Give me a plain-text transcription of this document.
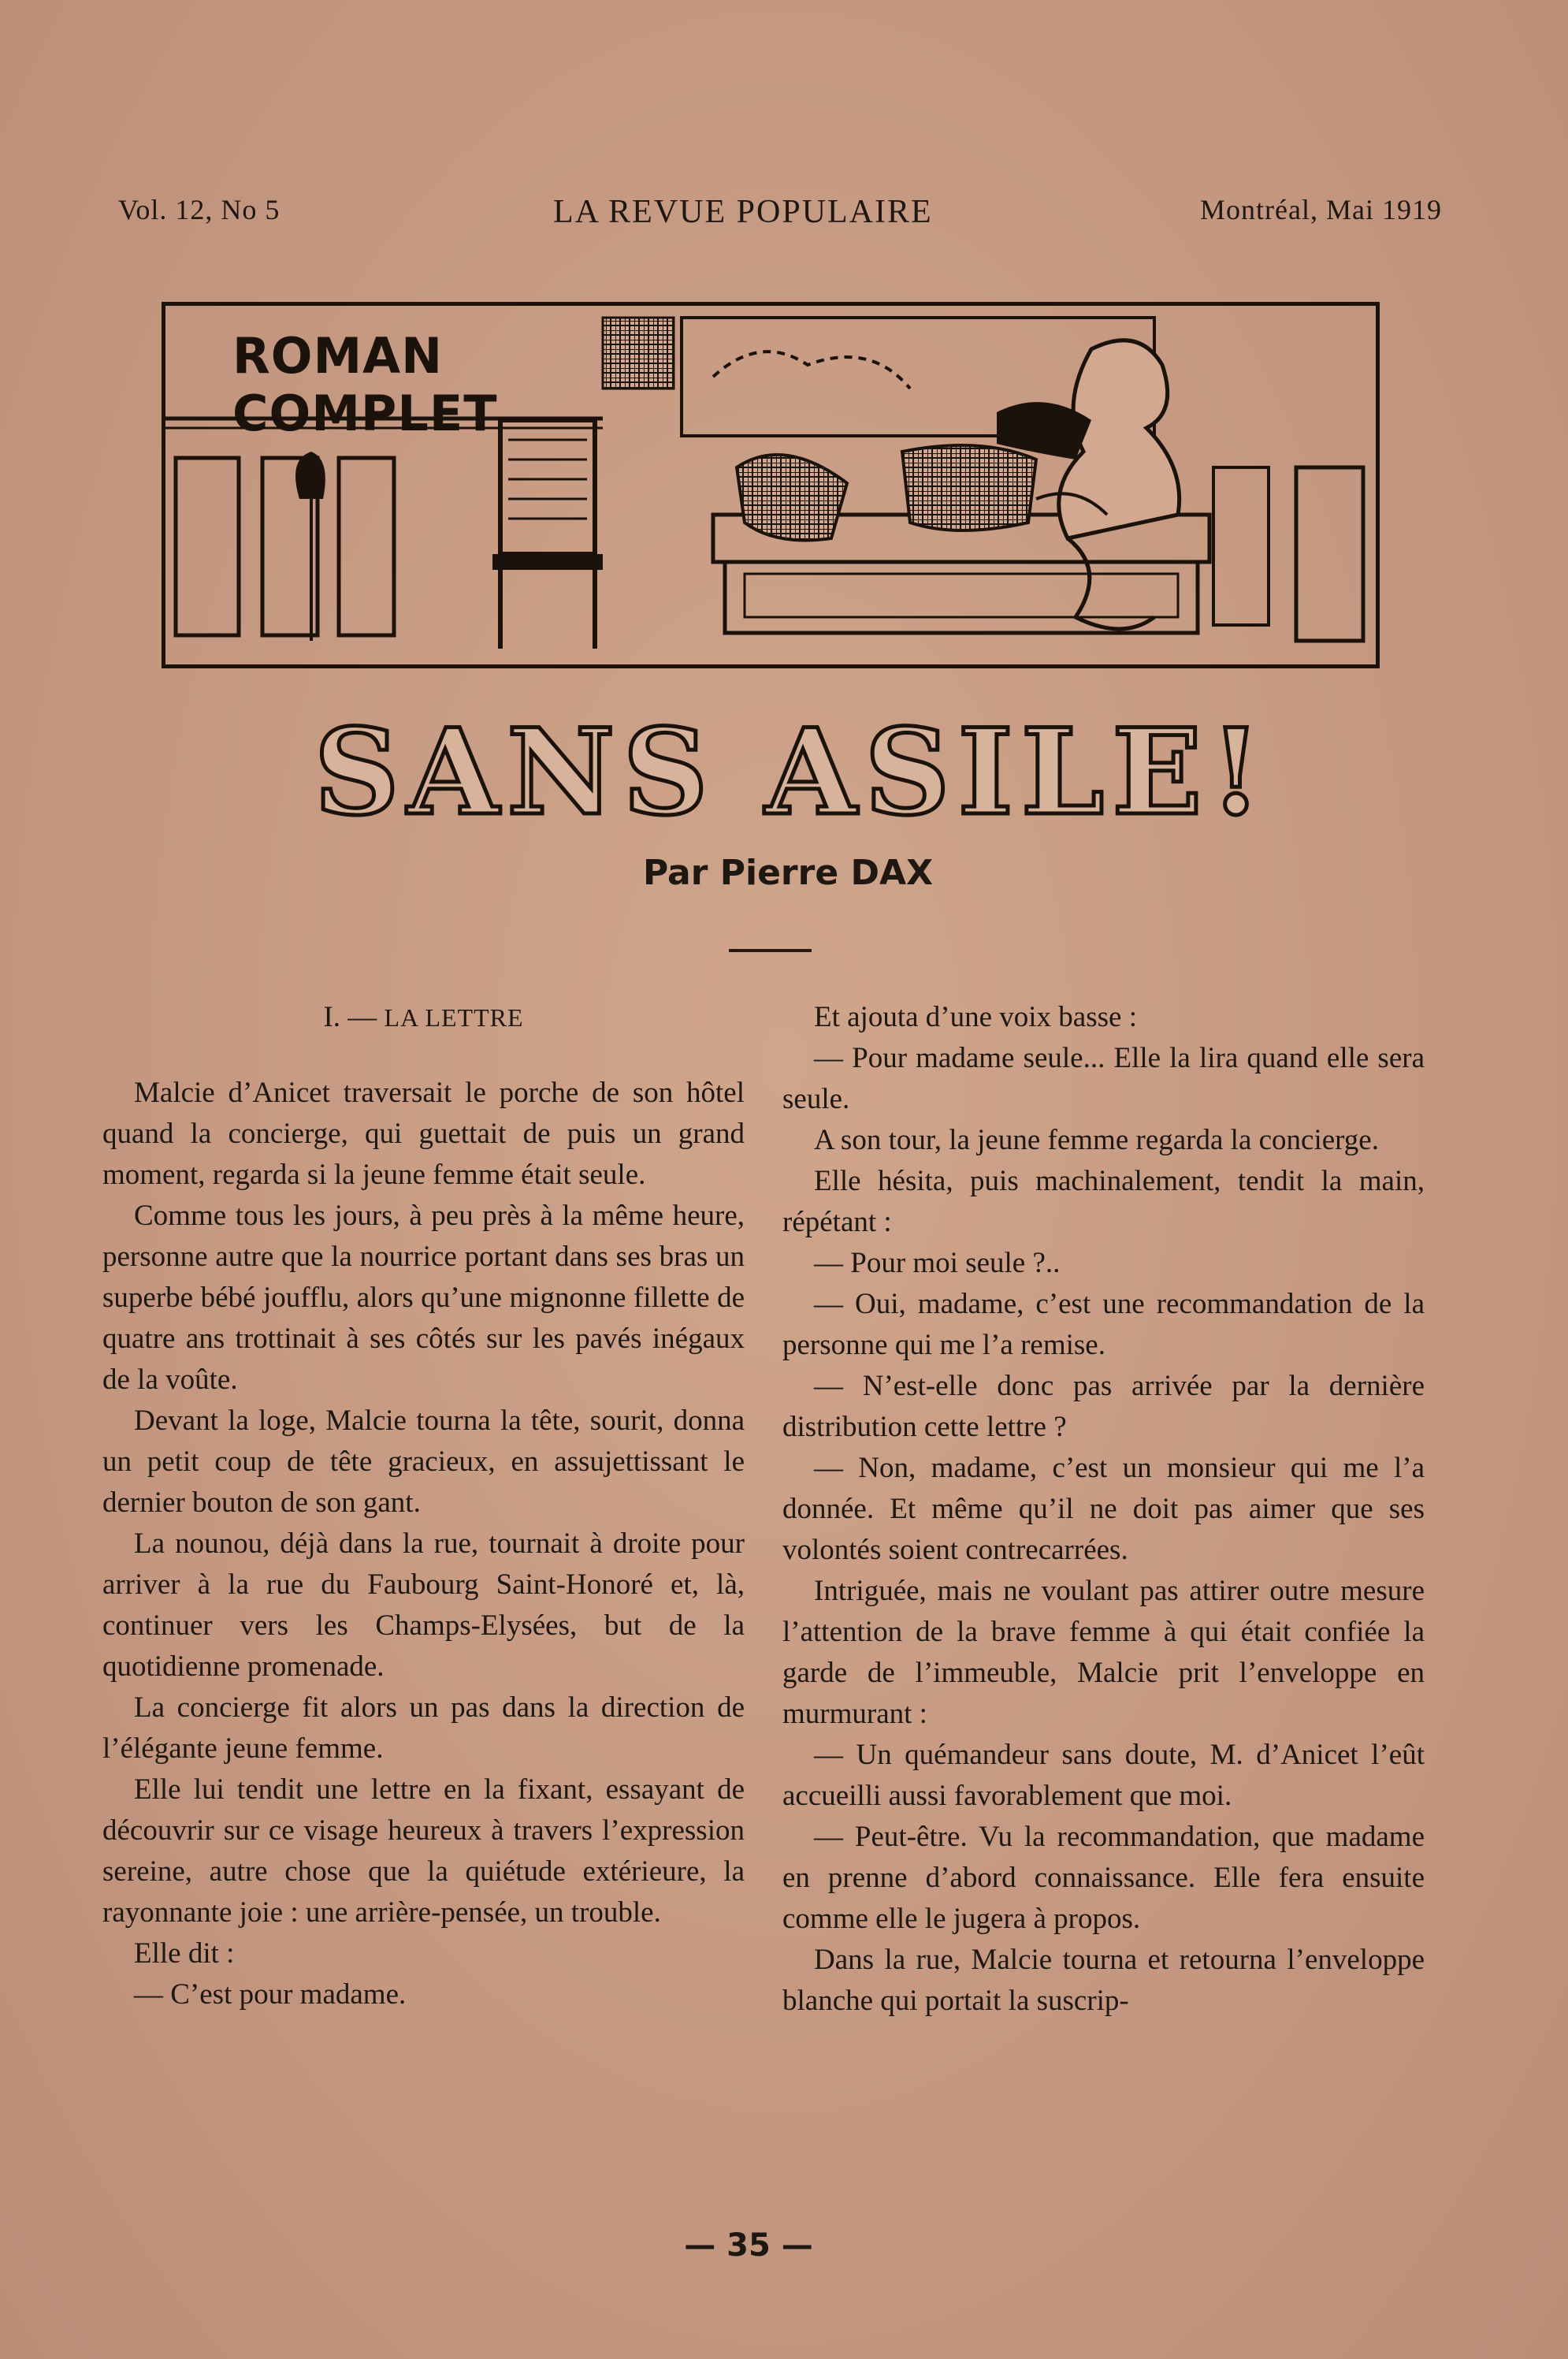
Vol. 12, No 5	LA REVUE POPULAIRE	Montréal, Mai 1919
ROMAN COMPLET
SANS ASILE!
Par Pierre DAX

I. — LA LETTRE

Malcie d’Anicet traversait le porche de son hôtel quand la concierge, qui guettait de puis un grand moment, regarda si la jeune femme était seule.

Comme tous les jours, à peu près à la même heure, personne autre que la nourrice portant dans ses bras un superbe bébé joufflu, alors qu’une mignonne fillette de quatre ans trottinait à ses côtés sur les pavés inégaux de la voûte.

Devant la loge, Malcie tourna la tête, sourit, donna un petit coup de tête gracieux, en assujettissant le dernier bouton de son gant.

La nounou, déjà dans la rue, tournait à droite pour arriver à la rue du Faubourg Saint-Honoré et, là, continuer vers les Champs-Elysées, but de la quotidienne promenade.

La concierge fit alors un pas dans la direction de l’élégante jeune femme.

Elle lui tendit une lettre en la fixant, essayant de découvrir sur ce visage heureux à travers l’expression sereine, autre chose que la quiétude extérieure, la rayonnante joie : une arrière-pensée, un trouble.

Elle dit :

— C’est pour madame.

Et ajouta d’une voix basse :

— Pour madame seule... Elle la lira quand elle sera seule.

A son tour, la jeune femme regarda la concierge.

Elle hésita, puis machinalement, tendit la main, répétant :

— Pour moi seule ?..

— Oui, madame, c’est une recommandation de la personne qui me l’a remise.

— N’est-elle donc pas arrivée par la dernière distribution cette lettre ?

— Non, madame, c’est un monsieur qui me l’a donnée. Et même qu’il ne doit pas aimer que ses volontés soient contrecarrées.

Intriguée, mais ne voulant pas attirer outre mesure l’attention de la brave femme à qui était confiée la garde de l’immeuble, Malcie prit l’enveloppe en murmurant :

— Un quémandeur sans doute, M. d’Anicet l’eût accueilli aussi favorablement que moi.

— Peut-être. Vu la recommandation, que madame en prenne d’abord connaissance. Elle fera ensuite comme elle le jugera à propos.

Dans la rue, Malcie tourna et retourna l’enveloppe blanche qui portait la suscrip-

— 35 —
